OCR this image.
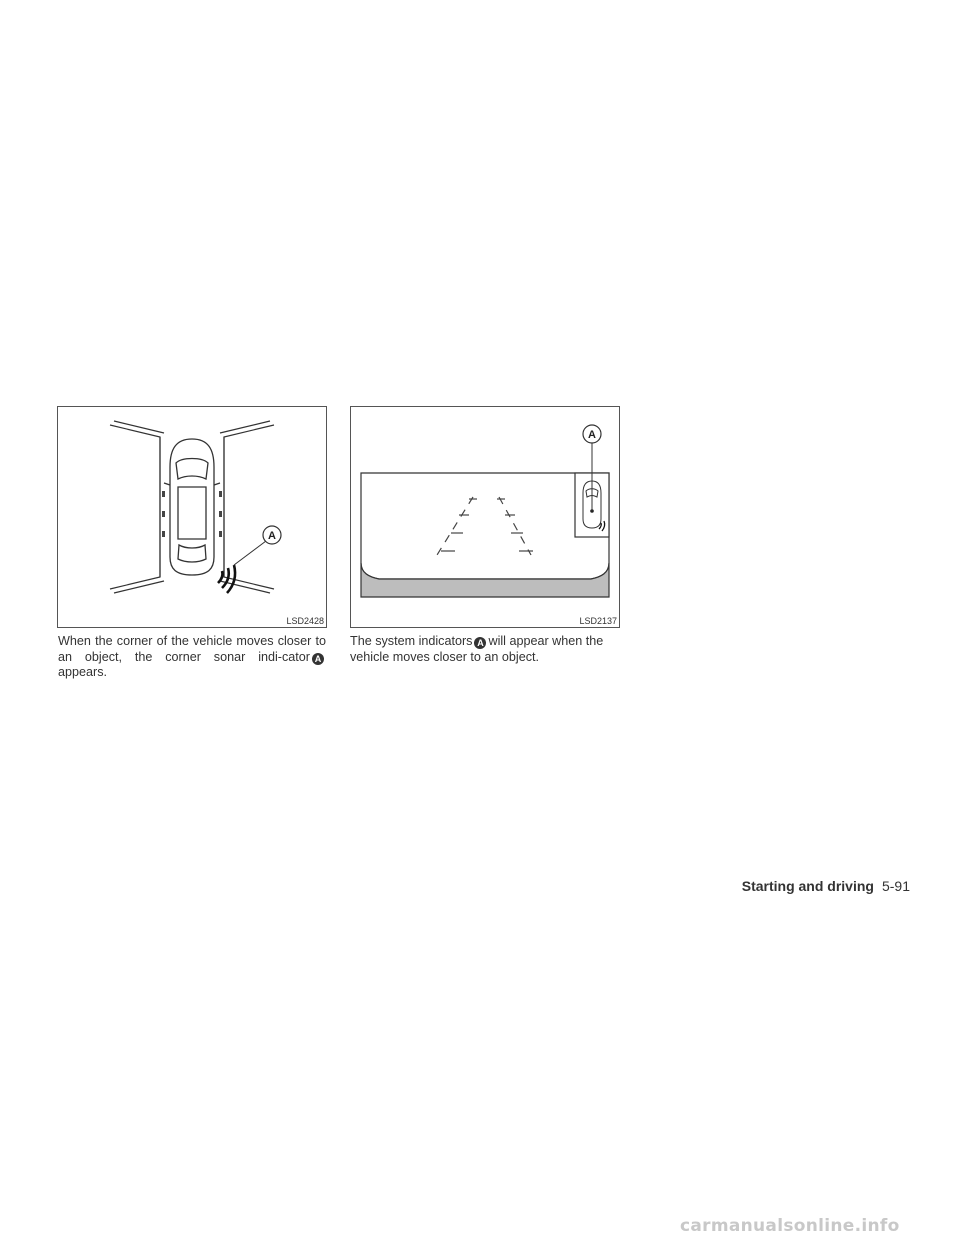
A
LSD2428
A
LSD2137
When the corner of the vehicle moves closer to an object, the corner sonar indi-cator Aappears.
The system indicators A will appear when the vehicle moves closer to an object.
Starting and driving 5-91
carmanualsonline.info
